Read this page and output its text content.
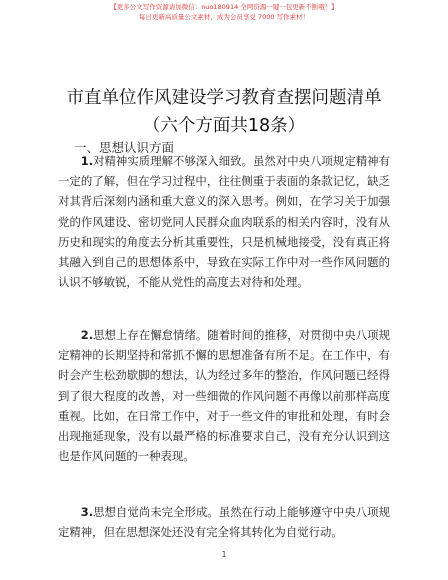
【更多公文写作资源请加微信：nuo180914 全网资源一键一包更新不断哦！】
每日更新高质量公文素材，成为会员享受 7000 写作素材！
市直单位作风建设学习教育查摆问题清单（六个方面共18条）
一、思想认识方面
1.对精神实质理解不够深入细致。虽然对中央八项规定精神有一定的了解，但在学习过程中，往往侧重于表面的条款记忆，缺乏对其背后深刻内涵和重大意义的深入思考。例如，在学习关于加强党的作风建设、密切党同人民群众血肉联系的相关内容时，没有从历史和现实的角度去分析其重要性，只是机械地接受，没有真正将其融入到自己的思想体系中，导致在实际工作中对一些作风问题的认识不够敏锐，不能从党性的高度去对待和处理。
2.思想上存在懈怠情绪。随着时间的推移，对贯彻中央八项规定精神的长期坚持和常抓不懈的思想准备有所不足。在工作中，有时会产生松劲歇脚的想法，认为经过多年的整治，作风问题已经得到了很大程度的改善，对一些细微的作风问题不再像以前那样高度重视。比如，在日常工作中，对于一些文件的审批和处理，有时会出现拖延现象，没有以最严格的标准要求自己，没有充分认识到这也是作风问题的一种表现。
3.思想自觉尚未完全形成。虽然在行动上能够遵守中央八项规定精神，但在思想深处还没有完全将其转化为自觉行动。
1
